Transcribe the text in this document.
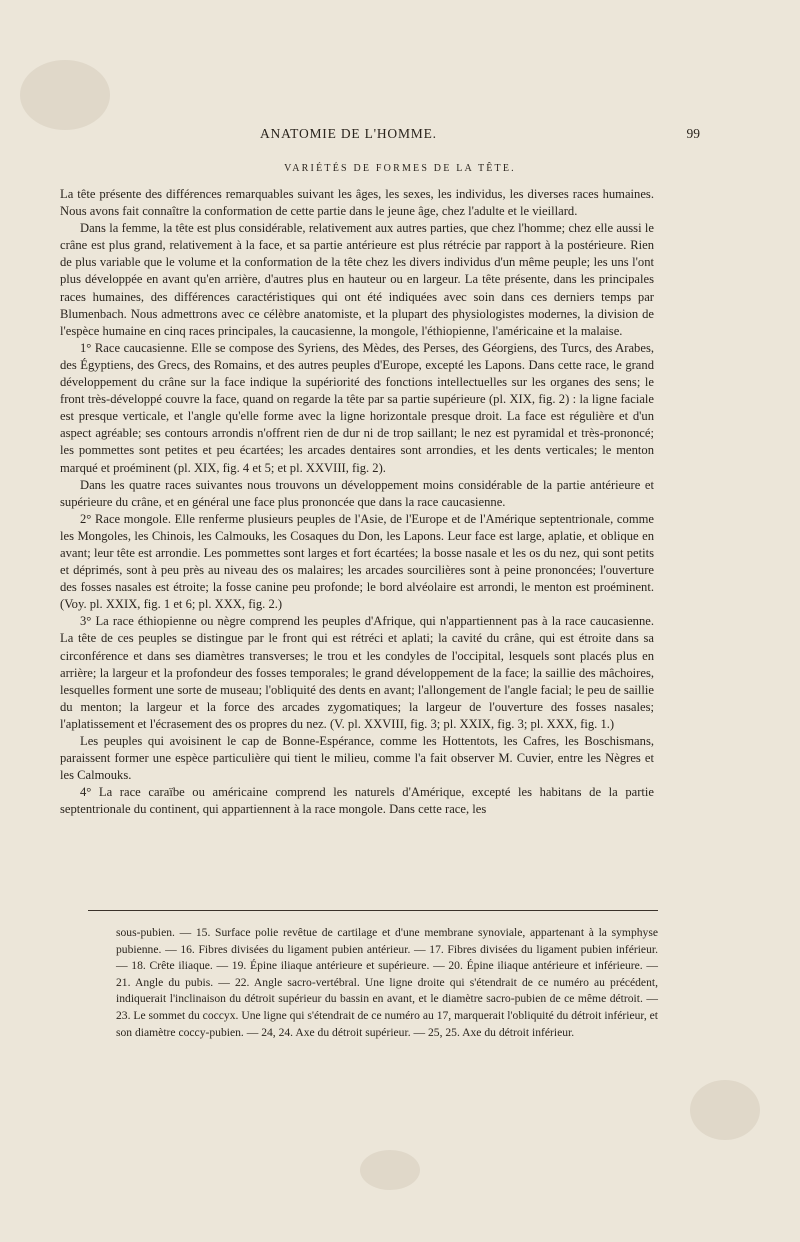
ANATOMIE DE L'HOMME.	99
VARIÉTÉS DE FORMES DE LA TÊTE.

La tête présente des différences remarquables suivant les âges, les sexes, les individus, les diverses races humaines. Nous avons fait connaître la conformation de cette partie dans le jeune âge, chez l'adulte et le vieillard.

Dans la femme, la tête est plus considérable, relativement aux autres parties, que chez l'homme; chez elle aussi le crâne est plus grand, relativement à la face, et sa partie antérieure est plus rétrécie par rapport à la postérieure. Rien de plus variable que le volume et la conformation de la tête chez les divers individus d'un même peuple; les uns l'ont plus développée en avant qu'en arrière, d'autres plus en hauteur ou en largeur. La tête présente, dans les principales races humaines, des différences caractéristiques qui ont été indiquées avec soin dans ces derniers temps par Blumenbach. Nous admettrons avec ce célèbre anatomiste, et la plupart des physiologistes modernes, la division de l'espèce humaine en cinq races principales, la caucasienne, la mongole, l'éthiopienne, l'américaine et la malaise.

1° Race caucasienne. Elle se compose des Syriens, des Mèdes, des Perses, des Géorgiens, des Turcs, des Arabes, des Égyptiens, des Grecs, des Romains, et des autres peuples d'Europe, excepté les Lapons. Dans cette race, le grand développement du crâne sur la face indique la supériorité des fonctions intellectuelles sur les organes des sens; le front très-développé couvre la face, quand on regarde la tête par sa partie supérieure (pl. XIX, fig. 2) : la ligne faciale est presque verticale, et l'angle qu'elle forme avec la ligne horizontale presque droit. La face est régulière et d'un aspect agréable; ses contours arrondis n'offrent rien de dur ni de trop saillant; le nez est pyramidal et très-prononcé; les pommettes sont petites et peu écartées; les arcades dentaires sont arrondies, et les dents verticales; le menton marqué et proéminent (pl. XIX, fig. 4 et 5; et pl. XXVIII, fig. 2).

Dans les quatre races suivantes nous trouvons un développement moins considérable de la partie antérieure et supérieure du crâne, et en général une face plus prononcée que dans la race caucasienne.

2° Race mongole. Elle renferme plusieurs peuples de l'Asie, de l'Europe et de l'Amérique septentrionale, comme les Mongoles, les Chinois, les Calmouks, les Cosaques du Don, les Lapons. Leur face est large, aplatie, et oblique en avant; leur tête est arrondie. Les pommettes sont larges et fort écartées; la bosse nasale et les os du nez, qui sont petits et déprimés, sont à peu près au niveau des os malaires; les arcades sourcilières sont à peine prononcées; l'ouverture des fosses nasales est étroite; la fosse canine peu profonde; le bord alvéolaire est arrondi, le menton est proéminent. (Voy. pl. XXIX, fig. 1 et 6; pl. XXX, fig. 2.)

3° La race éthiopienne ou nègre comprend les peuples d'Afrique, qui n'appartiennent pas à la race caucasienne. La tête de ces peuples se distingue par le front qui est rétréci et aplati; la cavité du crâne, qui est étroite dans sa circonférence et dans ses diamètres transverses; le trou et les condyles de l'occipital, lesquels sont placés plus en arrière; la largeur et la profondeur des fosses temporales; le grand développement de la face; la saillie des mâchoires, lesquelles forment une sorte de museau; l'obliquité des dents en avant; l'allongement de l'angle facial; le peu de saillie du menton; la largeur et la force des arcades zygomatiques; la largeur de l'ouverture des fosses nasales; l'aplatissement et l'écrasement des os propres du nez. (V. pl. XXVIII, fig. 3; pl. XXIX, fig. 3; pl. XXX, fig. 1.)

Les peuples qui avoisinent le cap de Bonne-Espérance, comme les Hottentots, les Cafres, les Boschismans, paraissent former une espèce particulière qui tient le milieu, comme l'a fait observer M. Cuvier, entre les Nègres et les Calmouks.

4° La race caraïbe ou américaine comprend les naturels d'Amérique, excepté les habitans de la partie septentrionale du continent, qui appartiennent à la race mongole. Dans cette race, les

sous-pubien. — 15. Surface polie revêtue de cartilage et d'une membrane synoviale, appartenant à la symphyse pubienne. — 16. Fibres divisées du ligament pubien antérieur. — 17. Fibres divisées du ligament pubien inférieur. — 18. Crête iliaque. — 19. Épine iliaque antérieure et supérieure. — 20. Épine iliaque antérieure et inférieure. — 21. Angle du pubis. — 22. Angle sacro-vertébral. Une ligne droite qui s'étendrait de ce numéro au précédent, indiquerait l'inclinaison du détroit supérieur du bassin en avant, et le diamètre sacro-pubien de ce même détroit. — 23. Le sommet du coccyx. Une ligne qui s'étendrait de ce numéro au 17, marquerait l'obliquité du détroit inférieur, et son diamètre coccy-pubien. — 24, 24. Axe du détroit supérieur. — 25, 25. Axe du détroit inférieur.
